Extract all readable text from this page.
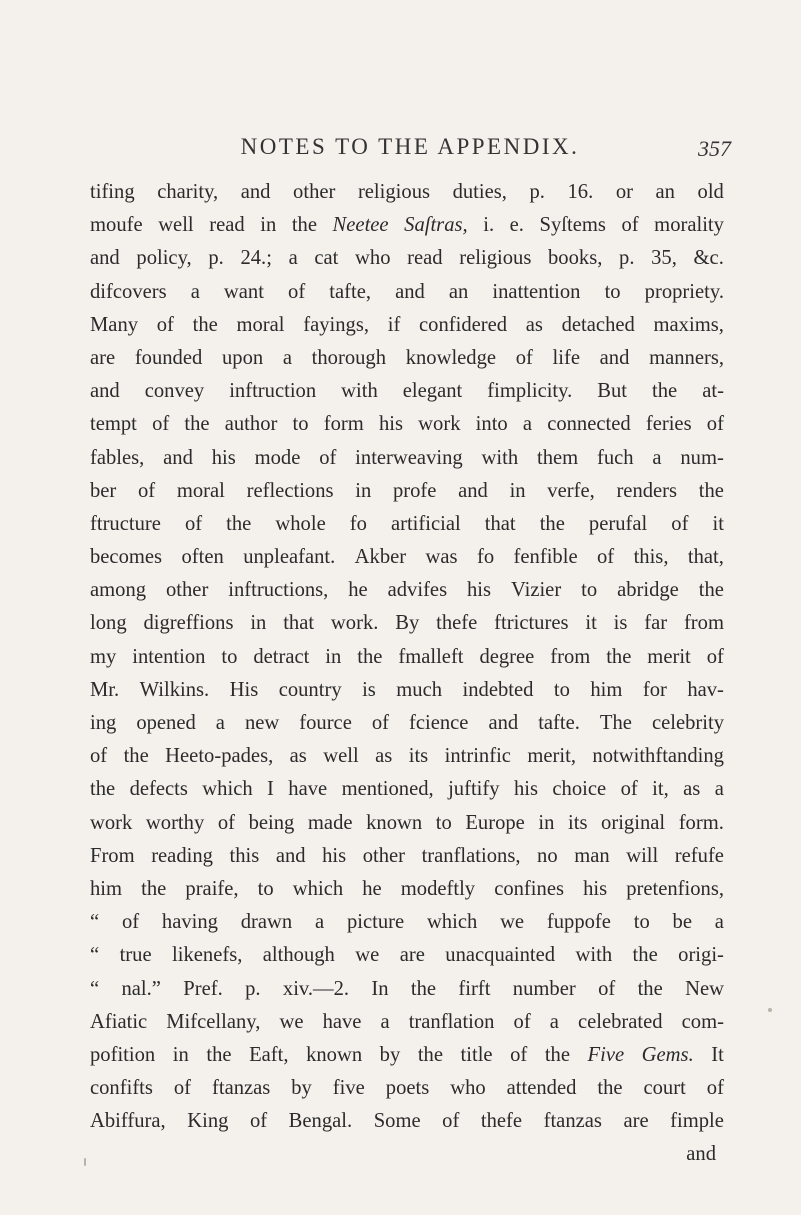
NOTES TO THE APPENDIX.	357
tifing charity, and other religious duties, p. 16. or an old
moufe well read in the Neetee Saſtras, i. e. Syſtems of morality
and policy, p. 24.; a cat who read religious books, p. 35, &c.
difcovers a want of tafte, and an inattention to propriety.
Many of the moral fayings, if confidered as detached maxims,
are founded upon a thorough knowledge of life and manners,
and convey inftruction with elegant fimplicity. But the at-
tempt of the author to form his work into a connected feries of
fables, and his mode of interweaving with them fuch a num-
ber of moral reflections in profe and in verfe, renders the
ftructure of the whole fo artificial that the perufal of it
becomes often unpleafant. Akber was fo fenfible of this, that,
among other inftructions, he advifes his Vizier to abridge the
long digreffions in that work. By thefe ftrictures it is far from
my intention to detract in the fmalleft degree from the merit of
Mr. Wilkins. His country is much indebted to him for hav-
ing opened a new fource of fcience and tafte. The celebrity
of the Heeto-pades, as well as its intrinfic merit, notwithftanding
the defects which I have mentioned, juftify his choice of it, as a
work worthy of being made known to Europe in its original form.
From reading this and his other tranflations, no man will refufe
him the praife, to which he modeftly confines his pretenfions,
“ of having drawn a picture which we fuppofe to be a
“ true likenefs, although we are unacquainted with the origi-
“ nal.” Pref. p. xiv.—2. In the firft number of the New
Afiatic Mifcellany, we have a tranflation of a celebrated com-
pofition in the Eaft, known by the title of the Five Gems. It
confifts of ftanzas by five poets who attended the court of
Abiffura, King of Bengal. Some of thefe ftanzas are fimple
and
